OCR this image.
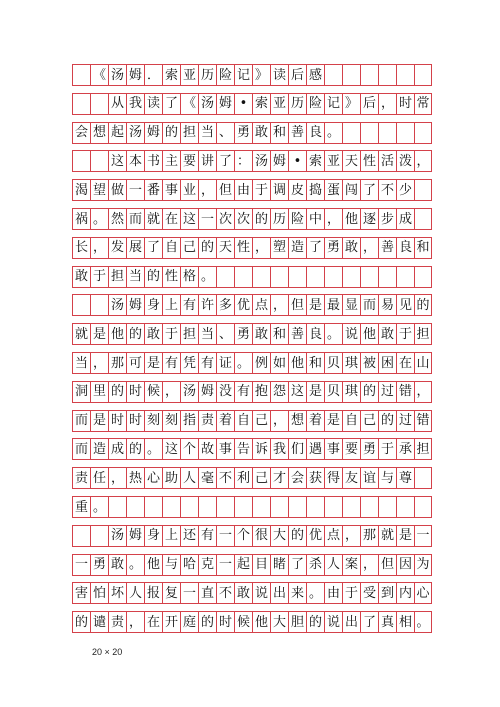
《 汤 姆 ． 索 亚 历 险 记 》 读 后 感
从 我 读 了 《 汤 姆 • 索 亚 历 险 记 》 后 ， 时 常
会 想 起 汤 姆 的 担 当 、 勇 敢 和 善 良 。
这 本 书 主 要 讲 了 ： 汤 姆 • 索 亚 天 性 活 泼 ，
渴 望 做 一 番 事 业 ， 但 由 于 调 皮 捣 蛋 闯 了 不 少
祸 。 然 而 就 在 这 一 次 次 的 历 险 中 ， 他 逐 步 成
长 ， 发 展 了 自 己 的 天 性 ， 塑 造 了 勇 敢 ， 善 良 和
敢 于 担 当 的 性 格 。
汤 姆 身 上 有 许 多 优 点 ， 但 是 最 显 而 易 见 的
就 是 他 的 敢 于 担 当 、 勇 敢 和 善 良 。 说 他 敢 于 担
当 ， 那 可 是 有 凭 有 证 。 例 如 他 和 贝 琪 被 困 在 山
洞 里 的 时 候 ， 汤 姆 没 有 抱 怨 这 是 贝 琪 的 过 错 ，
而 是 时 时 刻 刻 指 责 着 自 己 ， 想 着 是 自 己 的 过 错
而 造 成 的 。 这 个 故 事 告 诉 我 们 遇 事 要 勇 于 承 担
责 任 ， 热 心 助 人 毫 不 利 己 才 会 获 得 友 谊 与 尊
重 。
汤 姆 身 上 还 有 一 个 很 大 的 优 点 ， 那 就 是 一
一 勇 敢 。 他 与 哈 克 一 起 目 睹 了 杀 人 案 ， 但 因 为
害 怕 坏 人 报 复 一 直 不 敢 说 出 来 。 由 于 受 到 内 心
的 谴 责 ， 在 开 庭 的 时 候 他 大 胆 的 说 出 了 真 相 。
20 × 20
